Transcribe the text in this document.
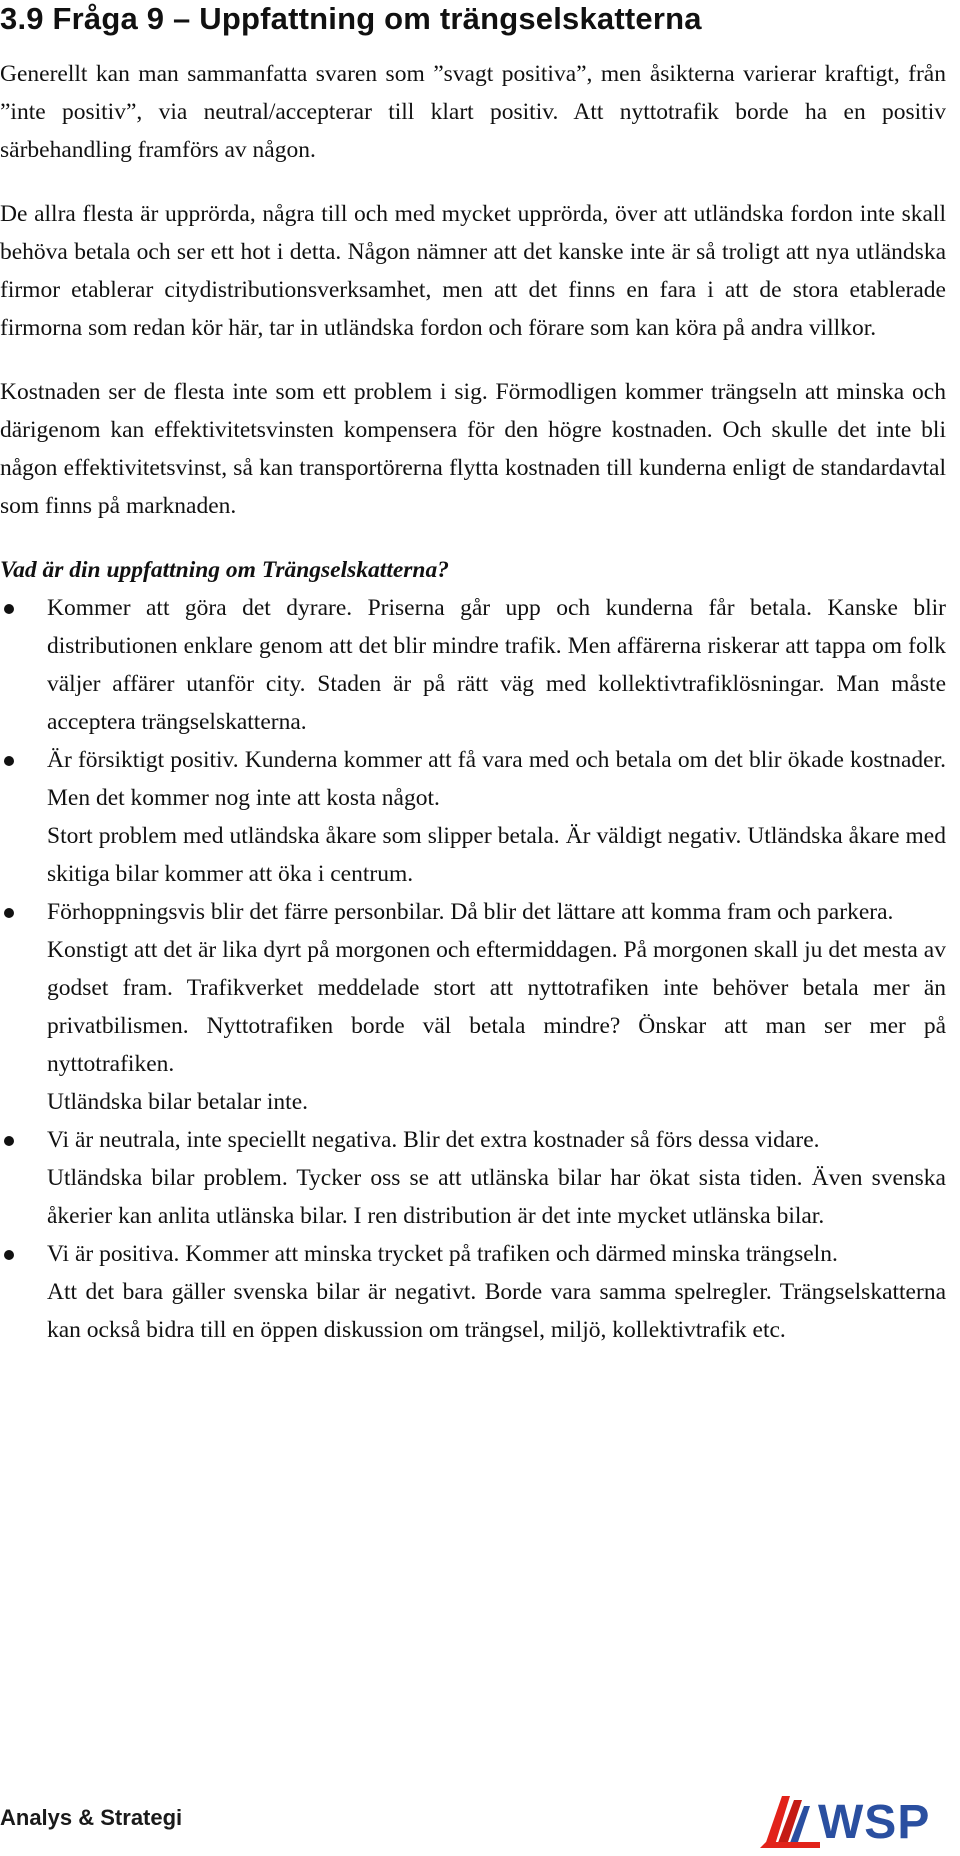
3.9 Fråga 9 – Uppfattning om trängselskatterna

Generellt kan man sammanfatta svaren som ”svagt positiva”, men åsikterna varierar kraftigt, från ”inte positiv”, via neutral/accepterar till klart positiv. Att nyttotrafik borde ha en positiv särbehandling framförs av någon.

De allra flesta är upprörda, några till och med mycket upprörda, över att utländska fordon inte skall behöva betala och ser ett hot i detta. Någon nämner att det kanske inte är så troligt att nya utländska firmor etablerar citydistributionsverksamhet, men att det finns en fara i att de stora etablerade firmorna som redan kör här, tar in utländska fordon och förare som kan köra på andra villkor.

Kostnaden ser de flesta inte som ett problem i sig. Förmodligen kommer trängseln att minska och därigenom kan effektivitetsvinsten kompensera för den högre kostnaden. Och skulle det inte bli någon effektivitetsvinst, så kan transportörerna flytta kostnaden till kunderna enligt de standardavtal som finns på marknaden.

Vad är din uppfattning om Trängselskatterna?
Kommer att göra det dyrare. Priserna går upp och kunderna får betala. Kanske blir distributionen enklare genom att det blir mindre trafik. Men affärerna riskerar att tappa om folk väljer affärer utanför city. Staden är på rätt väg med kollektivtrafiklösningar. Man måste acceptera trängselskatterna.
Är försiktigt positiv. Kunderna kommer att få vara med och betala om det blir ökade kostnader. Men det kommer nog inte att kosta något.
Stort problem med utländska åkare som slipper betala. Är väldigt negativ. Utländska åkare med skitiga bilar kommer att öka i centrum.
Förhoppningsvis blir det färre personbilar. Då blir det lättare att komma fram och parkera.
Konstigt att det är lika dyrt på morgonen och eftermiddagen. På morgonen skall ju det mesta av godset fram. Trafikverket meddelade stort att nyttotrafiken inte behöver betala mer än privatbilismen. Nyttotrafiken borde väl betala mindre? Önskar att man ser mer på nyttotrafiken.
Utländska bilar betalar inte.
Vi är neutrala, inte speciellt negativa. Blir det extra kostnader så förs dessa vidare.
Utländska bilar problem. Tycker oss se att utlänska bilar har ökat sista tiden. Även svenska åkerier kan anlita utlänska bilar. I ren distribution är det inte mycket utlänska bilar.
Vi är positiva. Kommer att minska trycket på trafiken och därmed minska trängseln.
Att det bara gäller svenska bilar är negativt. Borde vara samma spelregler. Trängselskatterna kan också bidra till en öppen diskussion om trängsel, miljö, kollektivtrafik etc.
Analys & Strategi	WSP
